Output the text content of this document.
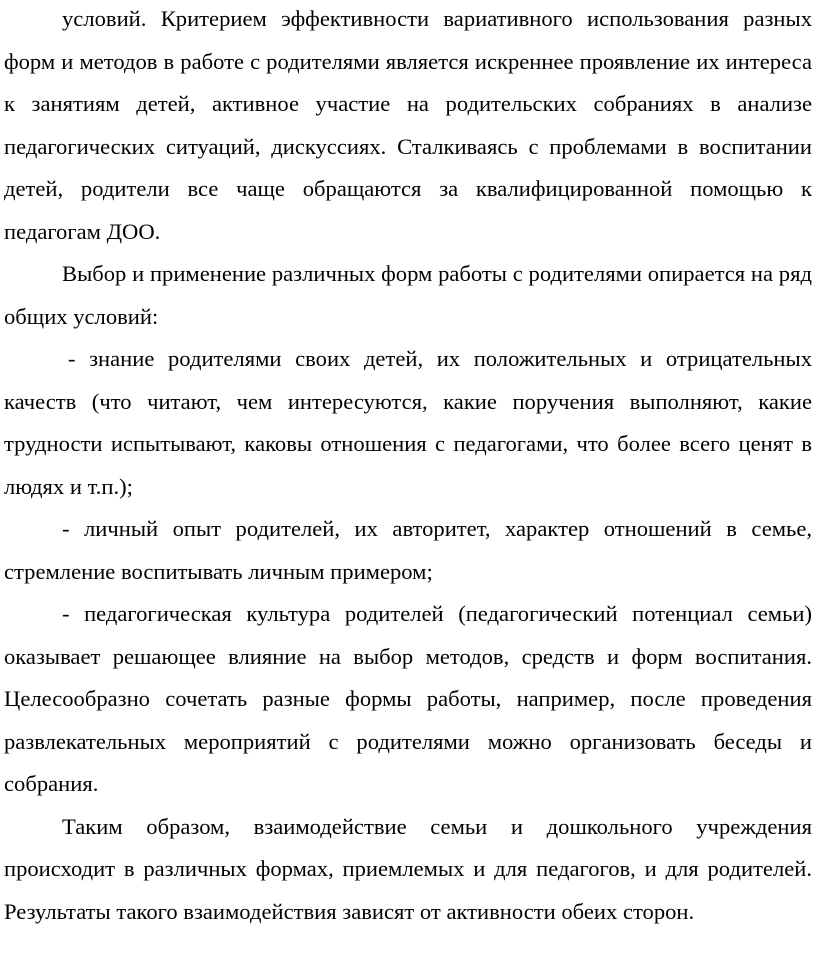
условий. Критерием эффективности вариативного использования разных форм и методов в работе с родителями является искреннее проявление их интереса к занятиям детей, активное участие на родительских собраниях в анализе педагогических ситуаций, дискуссиях. Сталкиваясь с проблемами в воспитании детей, родители все чаще обращаются за квалифицированной помощью к педагогам ДОО.

Выбор и применение различных форм работы с родителями опирается на ряд общих условий:

- знание родителями своих детей, их положительных и отрицательных качеств (что читают, чем интересуются, какие поручения выполняют, какие трудности испытывают, каковы отношения с педагогами, что более всего ценят в людях и т.п.);

- личный опыт родителей, их авторитет, характер отношений в семье, стремление воспитывать личным примером;

- педагогическая культура родителей (педагогический потенциал семьи) оказывает решающее влияние на выбор методов, средств и форм воспитания. Целесообразно сочетать разные формы работы, например, после проведения развлекательных мероприятий с родителями можно организовать беседы и собрания.

Таким образом, взаимодействие семьи и дошкольного учреждения происходит в различных формах, приемлемых и для педагогов, и для родителей. Результаты такого взаимодействия зависят от активности обеих сторон.
